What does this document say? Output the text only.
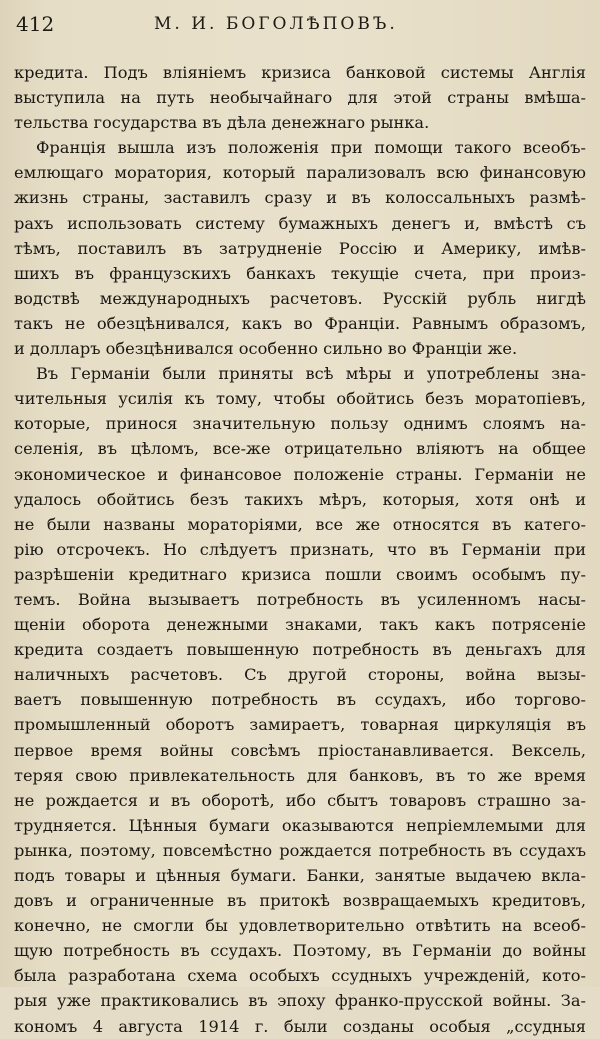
412	М. И. БОГОЛѢПОВЪ.
кредита. Подъ вліяніемъ кризиса банковой системы Англія
выступила на путь необычайнаго для этой страны вмѣша-
тельства государства въ дѣла денежнаго рынка.
Франція вышла изъ положенія при помощи такого всеобъ-
емлющаго моратория, который парализовалъ всю финансовую
жизнь страны, заставилъ сразу и въ колоссальныхъ размѣ-
рахъ использовать систему бумажныхъ денегъ и, вмѣстѣ съ
тѣмъ, поставилъ въ затрудненіе Россію и Америку, имѣв-
шихъ въ французскихъ банкахъ текущіе счета, при произ-
водствѣ международныхъ расчетовъ. Русскій рубль нигдѣ
такъ не обезцѣнивался, какъ во Франціи. Равнымъ образомъ,
и долларъ обезцѣнивался особенно сильно во Франціи же.
Въ Германіи были приняты всѣ мѣры и употреблены зна-
чительныя усилія къ тому, чтобы обойтись безъ моратопіевъ,
которые, принося значительную пользу однимъ слоямъ на-
селенія, въ цѣломъ, все-же отрицательно вліяютъ на общее
экономическое и финансовое положеніе страны. Германіи не
удалось обойтись безъ такихъ мѣръ, которыя, хотя онѣ и
не были названы мораторіями, все же относятся въ катего-
рію отсрочекъ. Но слѣдуетъ признать, что въ Германіи при
разрѣшеніи кредитнаго кризиса пошли своимъ особымъ пу-
темъ. Война вызываетъ потребность въ усиленномъ насы-
щеніи оборота денежными знаками, такъ какъ потрясеніе
кредита создаетъ повышенную потребность въ деньгахъ для
наличныхъ расчетовъ. Съ другой стороны, война вызы-
ваетъ повышенную потребность въ ссудахъ, ибо торгово-
промышленный оборотъ замираетъ, товарная циркуляція въ
первое время войны совсѣмъ пріостанавливается. Вексель,
теряя свою привлекательность для банковъ, въ то же время
не рождается и въ оборотѣ, ибо сбытъ товаровъ страшно за-
трудняется. Цѣнныя бумаги оказываются непріемлемыми для
рынка, поэтому, повсемѣстно рождается потребность въ ссудахъ
подъ товары и цѣнныя бумаги. Банки, занятые выдачею вкла-
довъ и ограниченные въ притокѣ возвращаемыхъ кредитовъ,
конечно, не смогли бы удовлетворительно отвѣтить на всеоб-
щую потребность въ ссудахъ. Поэтому, въ Германіи до войны
была разработана схема особыхъ ссудныхъ учрежденій, кото-
рыя уже практиковались въ эпоху франко-прусской войны. За-
кономъ 4 августа 1914 г. были созданы особыя „ссудныя
